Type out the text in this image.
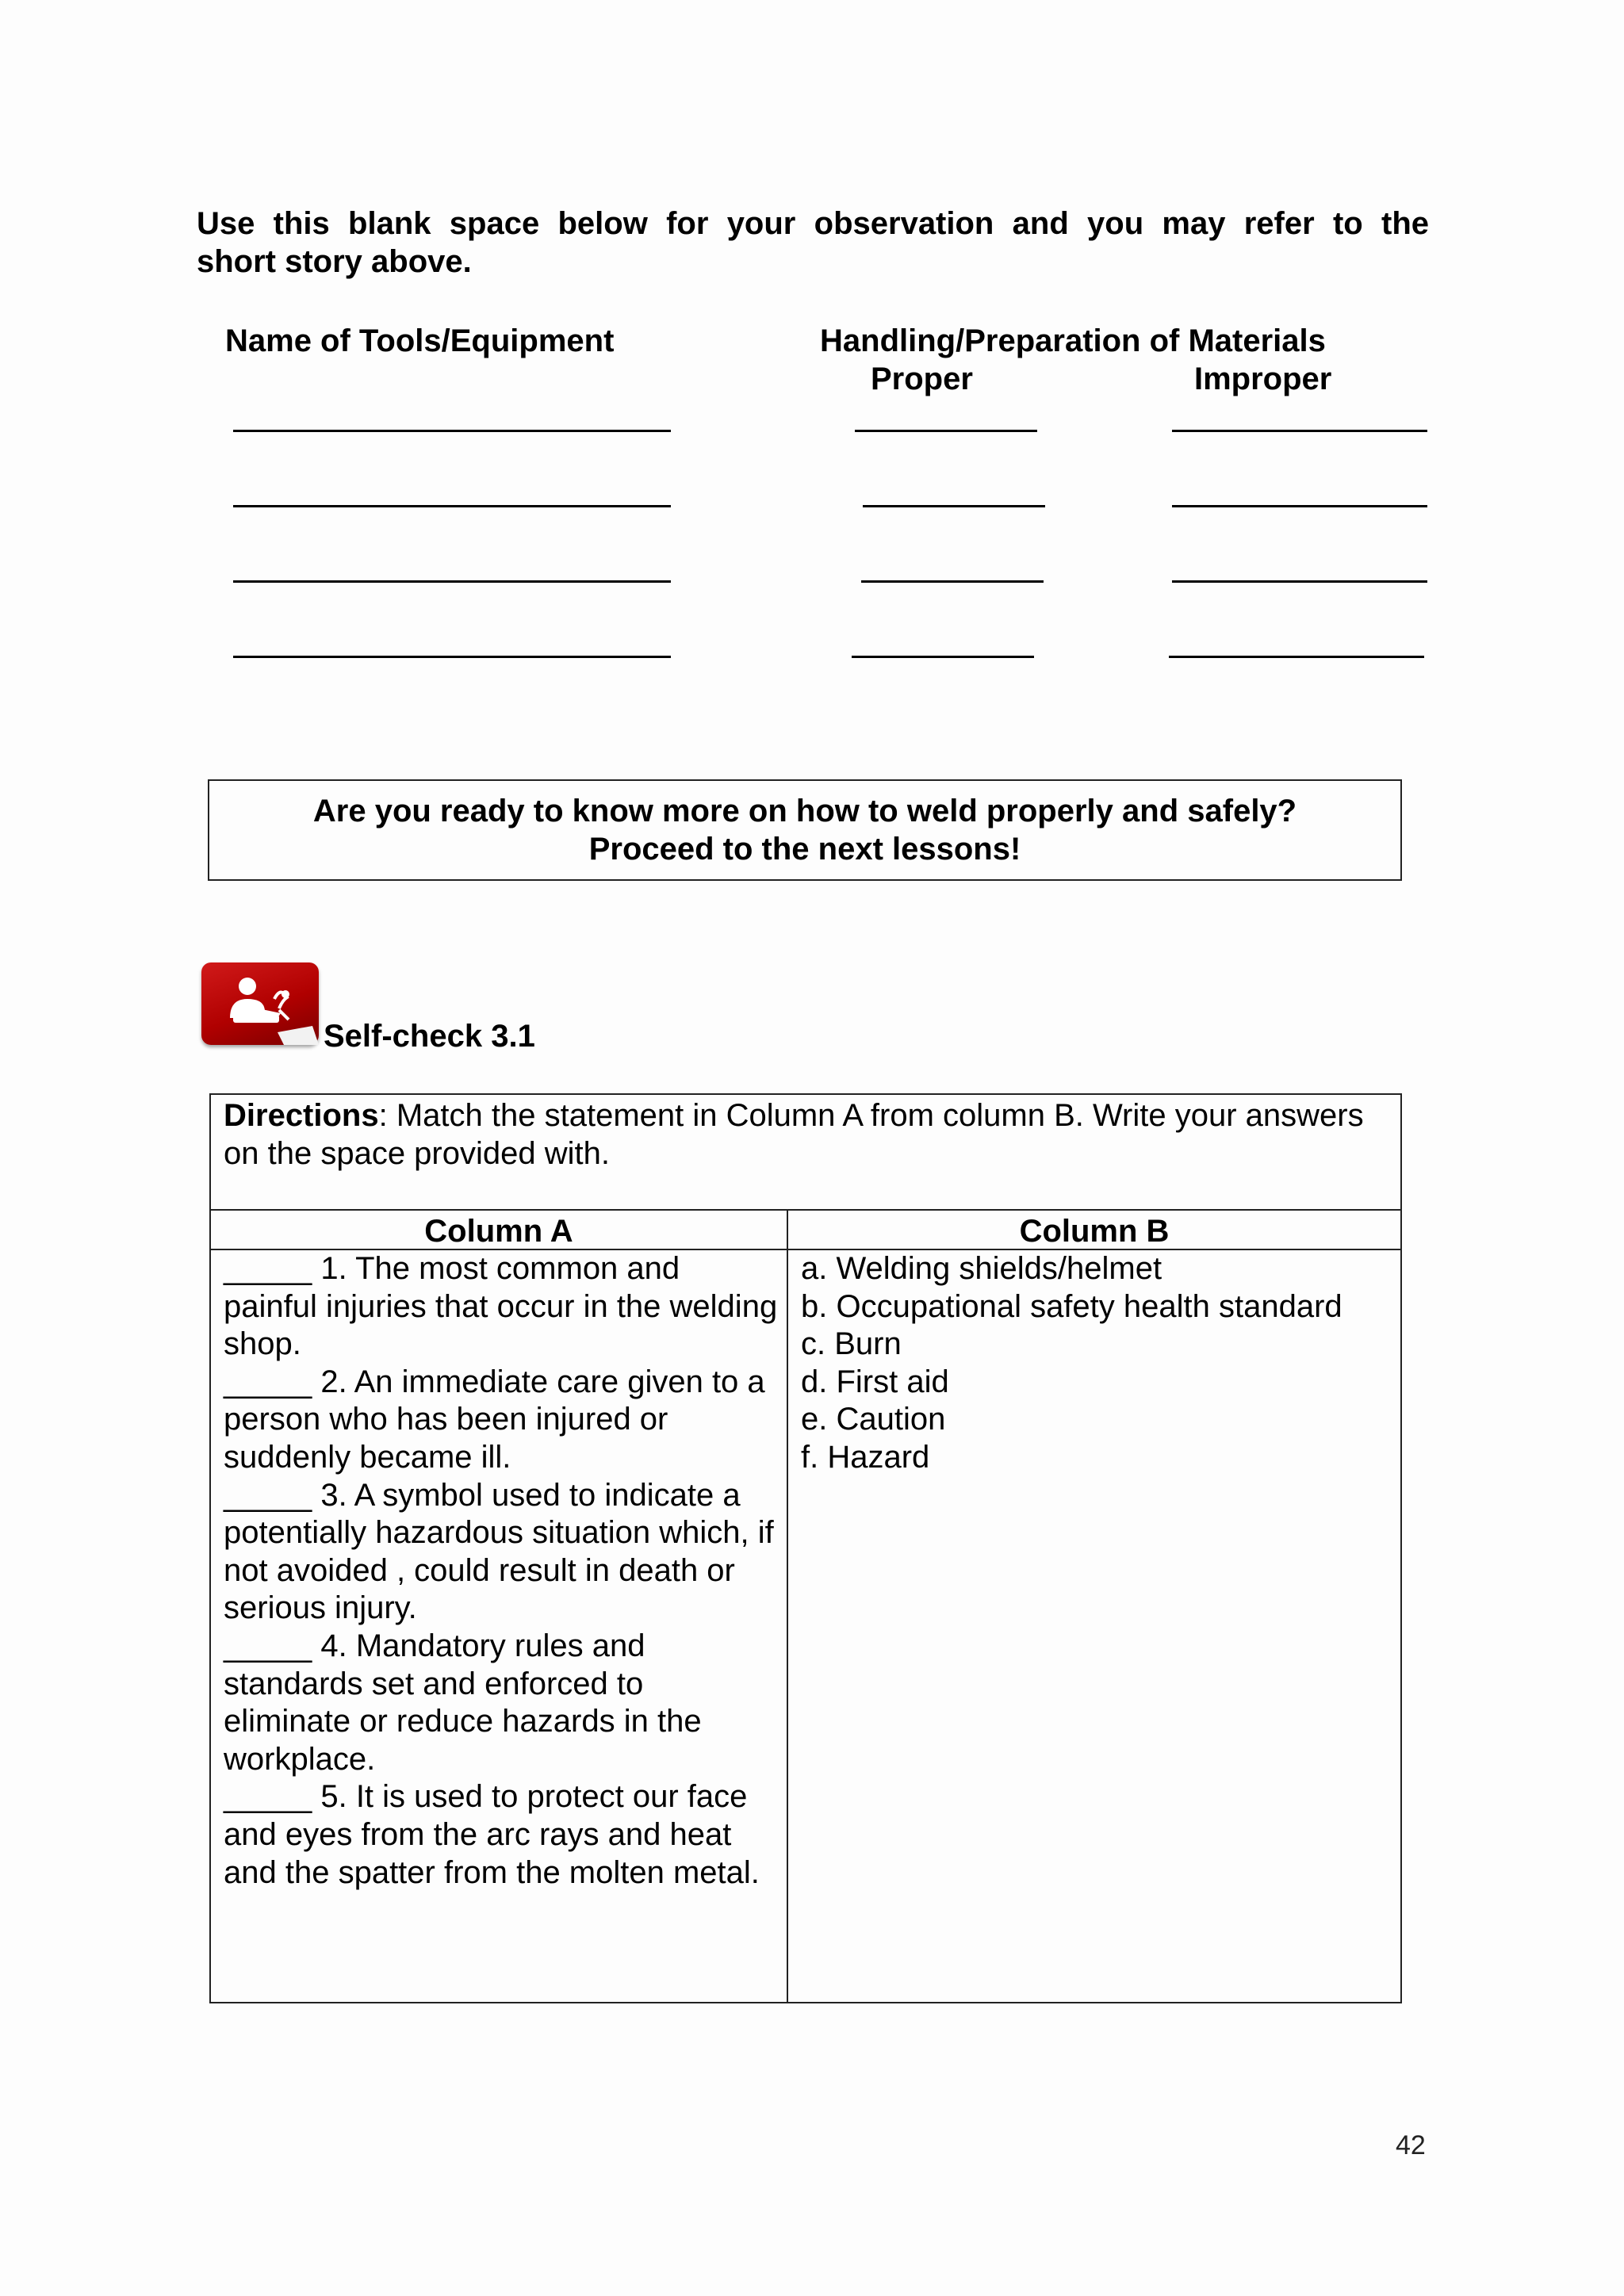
Use this blank space below for your observation and you may refer to the
short story above.
Name of Tools/Equipment	Handling/Preparation of Materials
Proper	Improper
Are you ready to know more on how to weld properly and safely?
Proceed to the next lessons!
Self-check 3.1
Directions: Match the statement in Column A from column B. Write your answers on the space provided with.
Column A	Column B
_____ 1. The most common and painful injuries that occur in the welding shop.
_____ 2. An immediate care given to a person who has been injured or suddenly became ill.
_____ 3. A symbol used to indicate a potentially hazardous situation which, if not avoided , could result in death or serious injury.
_____ 4. Mandatory rules and standards set and enforced to eliminate or reduce hazards in the workplace.
_____ 5. It is used to protect our face and eyes from the arc rays and heat and the spatter from the molten metal.
a. Welding shields/helmet
b. Occupational safety health standard
c. Burn
d. First aid
e. Caution
f. Hazard
42
